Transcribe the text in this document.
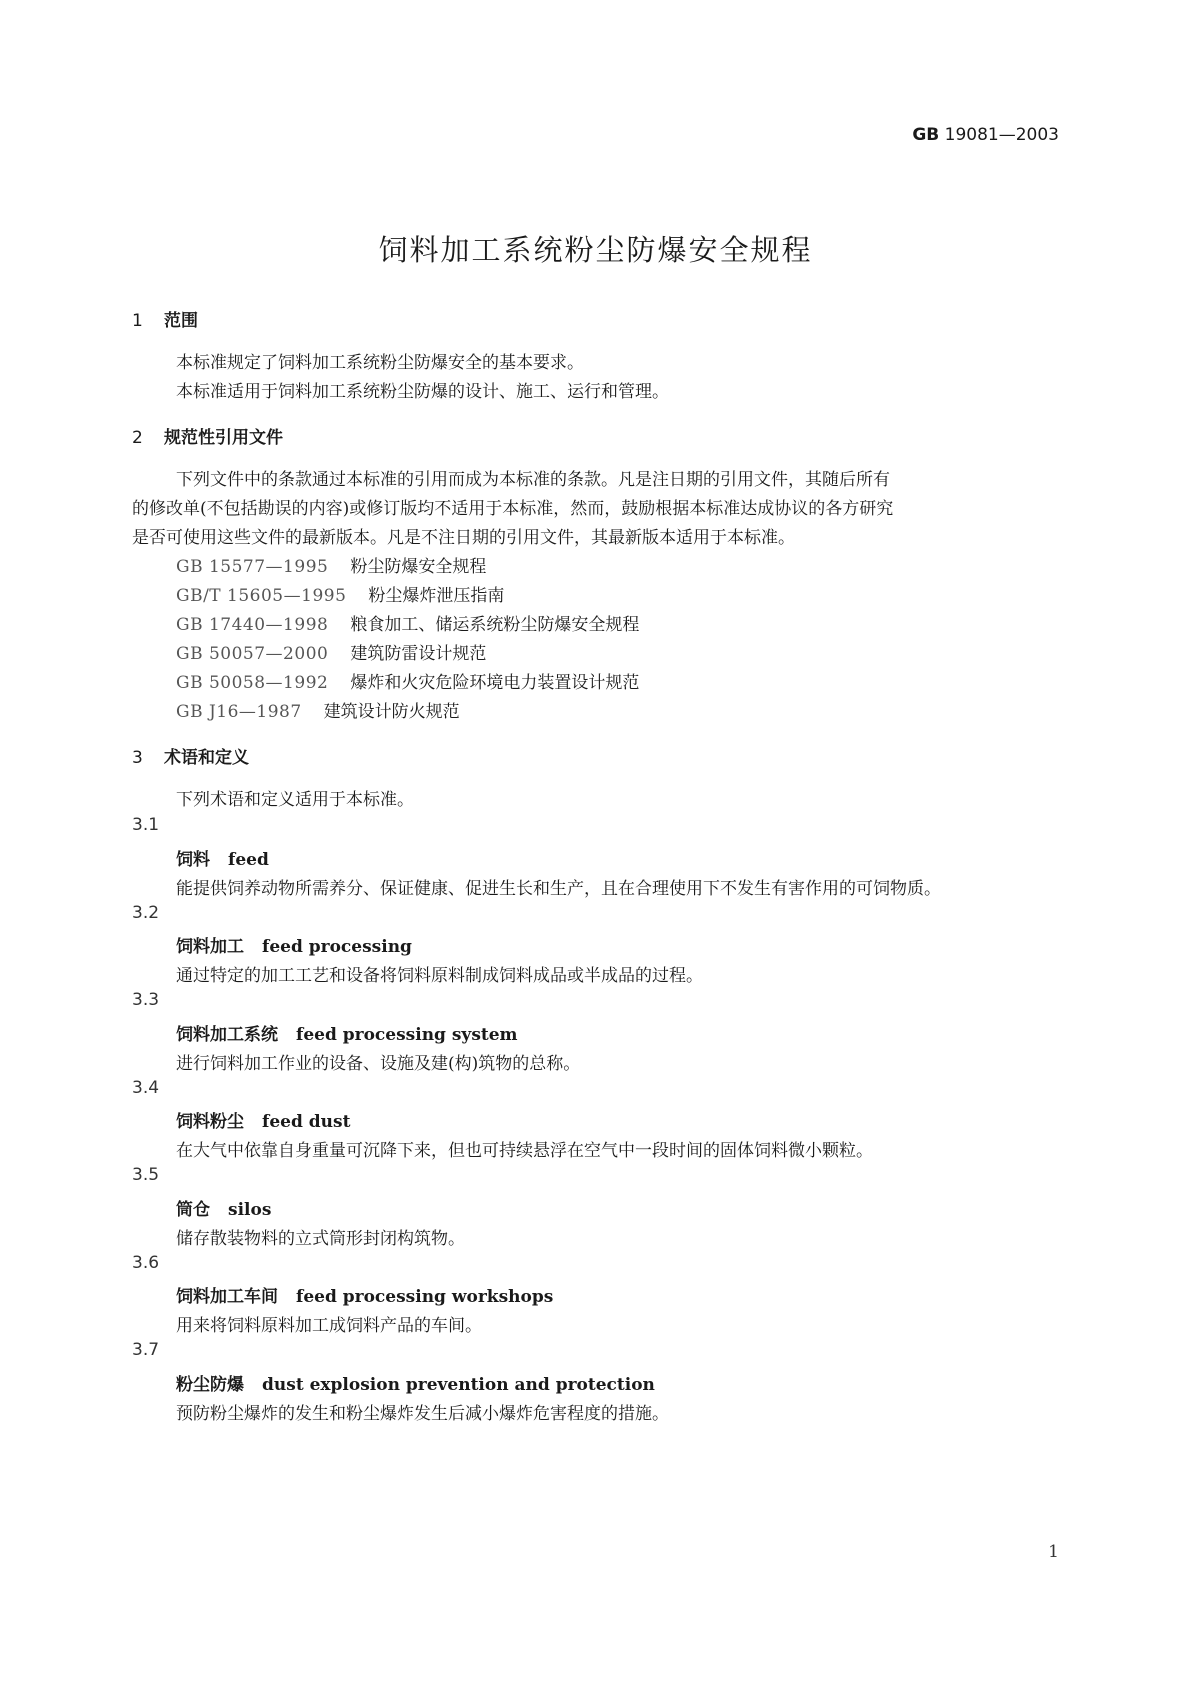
GB 19081—2003
饲料加工系统粉尘防爆安全规程
1 范围
本标准规定了饲料加工系统粉尘防爆安全的基本要求。
本标准适用于饲料加工系统粉尘防爆的设计、施工、运行和管理。
2 规范性引用文件
下列文件中的条款通过本标准的引用而成为本标准的条款。凡是注日期的引用文件，其随后所有
的修改单(不包括勘误的内容)或修订版均不适用于本标准，然而，鼓励根据本标准达成协议的各方研究
是否可使用这些文件的最新版本。凡是不注日期的引用文件，其最新版本适用于本标准。
GB 15577—1995 粉尘防爆安全规程
GB/T 15605—1995 粉尘爆炸泄压指南
GB 17440—1998 粮食加工、储运系统粉尘防爆安全规程
GB 50057—2000 建筑防雷设计规范
GB 50058—1992 爆炸和火灾危险环境电力装置设计规范
GB J16—1987 建筑设计防火规范
3 术语和定义
下列术语和定义适用于本标准。
3.1
饲料 feed
能提供饲养动物所需养分、保证健康、促进生长和生产，且在合理使用下不发生有害作用的可饲物质。
3.2
饲料加工 feed processing
通过特定的加工工艺和设备将饲料原料制成饲料成品或半成品的过程。
3.3
饲料加工系统 feed processing system
进行饲料加工作业的设备、设施及建(构)筑物的总称。
3.4
饲料粉尘 feed dust
在大气中依靠自身重量可沉降下来，但也可持续悬浮在空气中一段时间的固体饲料微小颗粒。
3.5
筒仓 silos
储存散装物料的立式筒形封闭构筑物。
3.6
饲料加工车间 feed processing workshops
用来将饲料原料加工成饲料产品的车间。
3.7
粉尘防爆 dust explosion prevention and protection
预防粉尘爆炸的发生和粉尘爆炸发生后减小爆炸危害程度的措施。
1
